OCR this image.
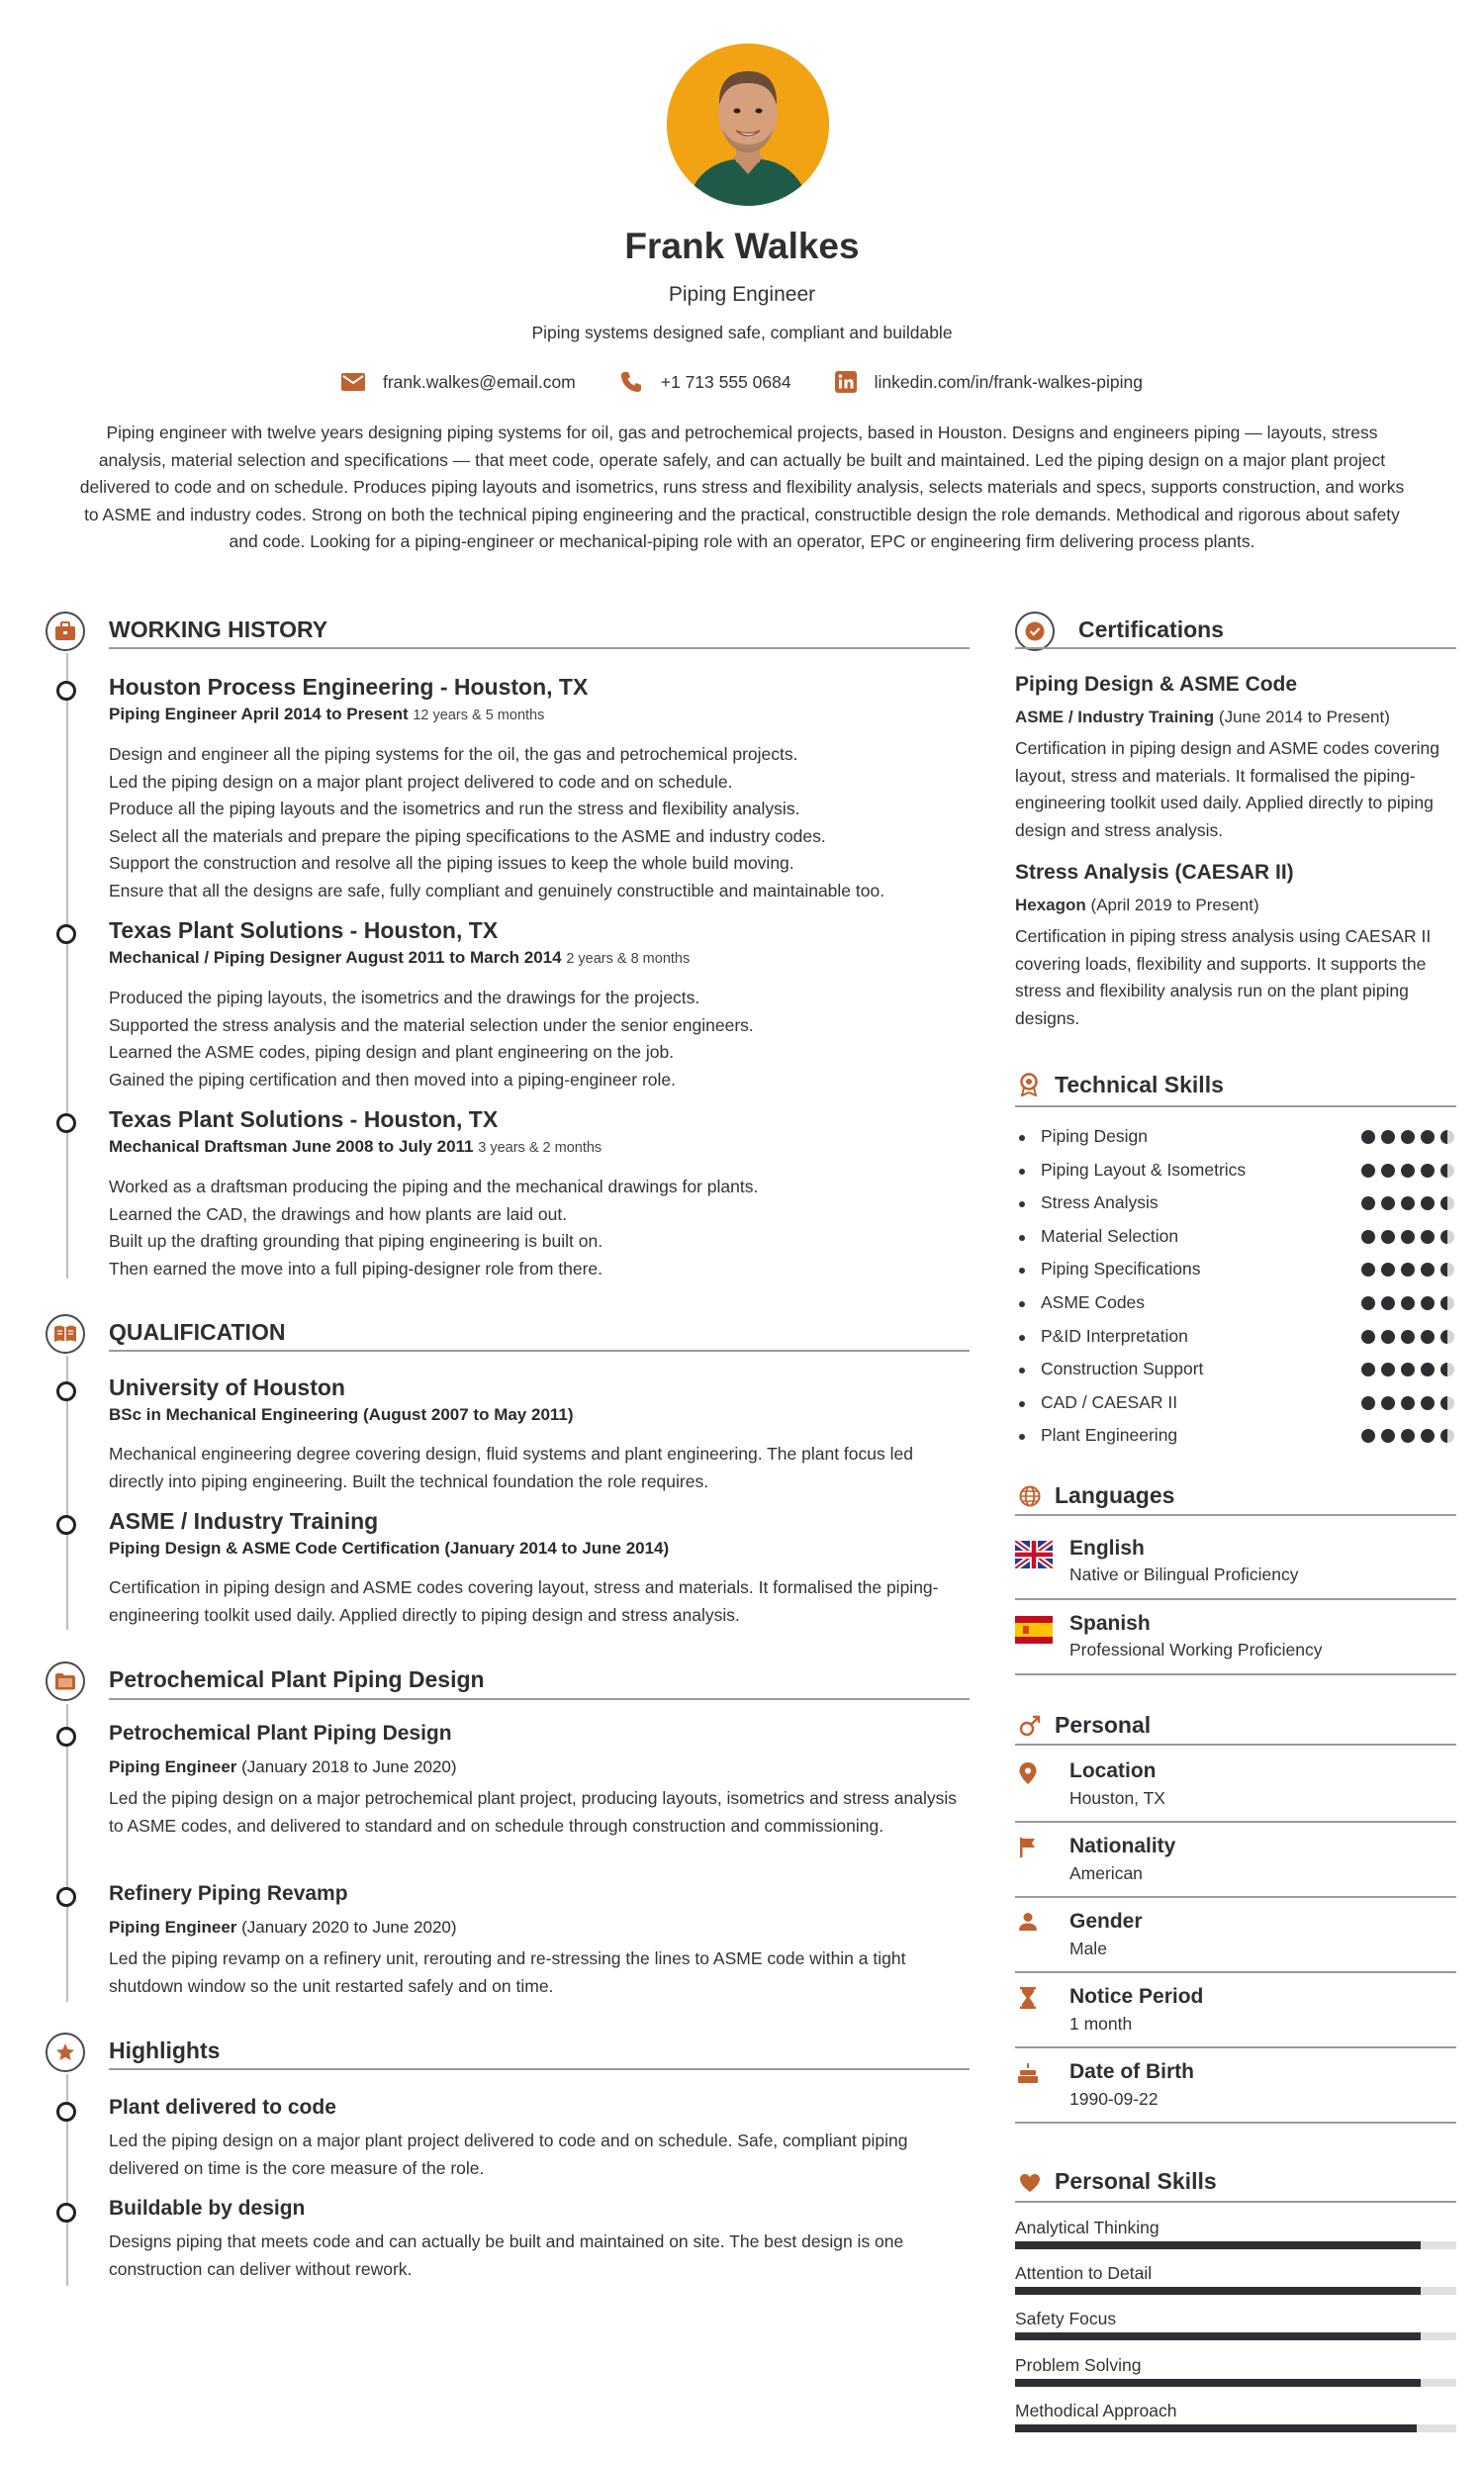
Frank Walkes
Piping Engineer
Piping systems designed safe, compliant and buildable
frank.walkes@email.com	+1 713 555 0684	linkedin.com/in/frank-walkes-piping

Piping engineer with twelve years designing piping systems for oil, gas and petrochemical projects, based in Houston. Designs and engineers piping — layouts, stress analysis, material selection and specifications — that meet code, operate safely, and can actually be built and maintained. Led the piping design on a major plant project delivered to code and on schedule. Produces piping layouts and isometrics, runs stress and flexibility analysis, selects materials and specs, supports construction, and works to ASME and industry codes. Strong on both the technical piping engineering and the practical, constructible design the role demands. Methodical and rigorous about safety and code. Looking for a piping-engineer or mechanical-piping role with an operator, EPC or engineering firm delivering process plants.

WORKING HISTORY
Houston Process Engineering - Houston, TX
Piping Engineer April 2014 to Present 12 years & 5 months
Design and engineer all the piping systems for the oil, the gas and petrochemical projects.
Led the piping design on a major plant project delivered to code and on schedule.
Produce all the piping layouts and the isometrics and run the stress and flexibility analysis.
Select all the materials and prepare the piping specifications to the ASME and industry codes.
Support the construction and resolve all the piping issues to keep the whole build moving.
Ensure that all the designs are safe, fully compliant and genuinely constructible and maintainable too.
Texas Plant Solutions - Houston, TX
Mechanical / Piping Designer August 2011 to March 2014 2 years & 8 months
Produced the piping layouts, the isometrics and the drawings for the projects.
Supported the stress analysis and the material selection under the senior engineers.
Learned the ASME codes, piping design and plant engineering on the job.
Gained the piping certification and then moved into a piping-engineer role.
Texas Plant Solutions - Houston, TX
Mechanical Draftsman June 2008 to July 2011 3 years & 2 months
Worked as a draftsman producing the piping and the mechanical drawings for plants.
Learned the CAD, the drawings and how plants are laid out.
Built up the drafting grounding that piping engineering is built on.
Then earned the move into a full piping-designer role from there.
QUALIFICATION
University of Houston
BSc in Mechanical Engineering (August 2007 to May 2011)

Mechanical engineering degree covering design, fluid systems and plant engineering. The plant focus led directly into piping engineering. Built the technical foundation the role requires.

ASME / Industry Training
Piping Design & ASME Code Certification (January 2014 to June 2014)

Certification in piping design and ASME codes covering layout, stress and materials. It formalised the piping-engineering toolkit used daily. Applied directly to piping design and stress analysis.

Petrochemical Plant Piping Design
Petrochemical Plant Piping Design
Piping Engineer (January 2018 to June 2020)

Led the piping design on a major petrochemical plant project, producing layouts, isometrics and stress analysis to ASME codes, and delivered to standard and on schedule through construction and commissioning.

Refinery Piping Revamp
Piping Engineer (January 2020 to June 2020)

Led the piping revamp on a refinery unit, rerouting and re-stressing the lines to ASME code within a tight shutdown window so the unit restarted safely and on time.

Highlights
Plant delivered to code

Led the piping design on a major plant project delivered to code and on schedule. Safe, compliant piping delivered on time is the core measure of the role.

Buildable by design

Designs piping that meets code and can actually be built and maintained on site. The best design is one construction can deliver without rework.

Certifications
Piping Design & ASME Code
ASME / Industry Training (June 2014 to Present)

Certification in piping design and ASME codes covering layout, stress and materials. It formalised the piping-engineering toolkit used daily. Applied directly to piping design and stress analysis.

Stress Analysis (CAESAR II)
Hexagon (April 2019 to Present)

Certification in piping stress analysis using CAESAR II covering loads, flexibility and supports. It supports the stress and flexibility analysis run on the plant piping designs.

Technical Skills
Piping Design
Piping Layout & Isometrics
Stress Analysis
Material Selection
Piping Specifications
ASME Codes
P&ID Interpretation
Construction Support
CAD / CAESAR II
Plant Engineering
Languages
English
Native or Bilingual Proficiency
Spanish
Professional Working Proficiency
Personal
Location
Houston, TX
Nationality
American
Gender
Male
Notice Period
1 month
Date of Birth
1990-09-22
Personal Skills
Analytical Thinking
Attention to Detail
Safety Focus
Problem Solving
Methodical Approach
